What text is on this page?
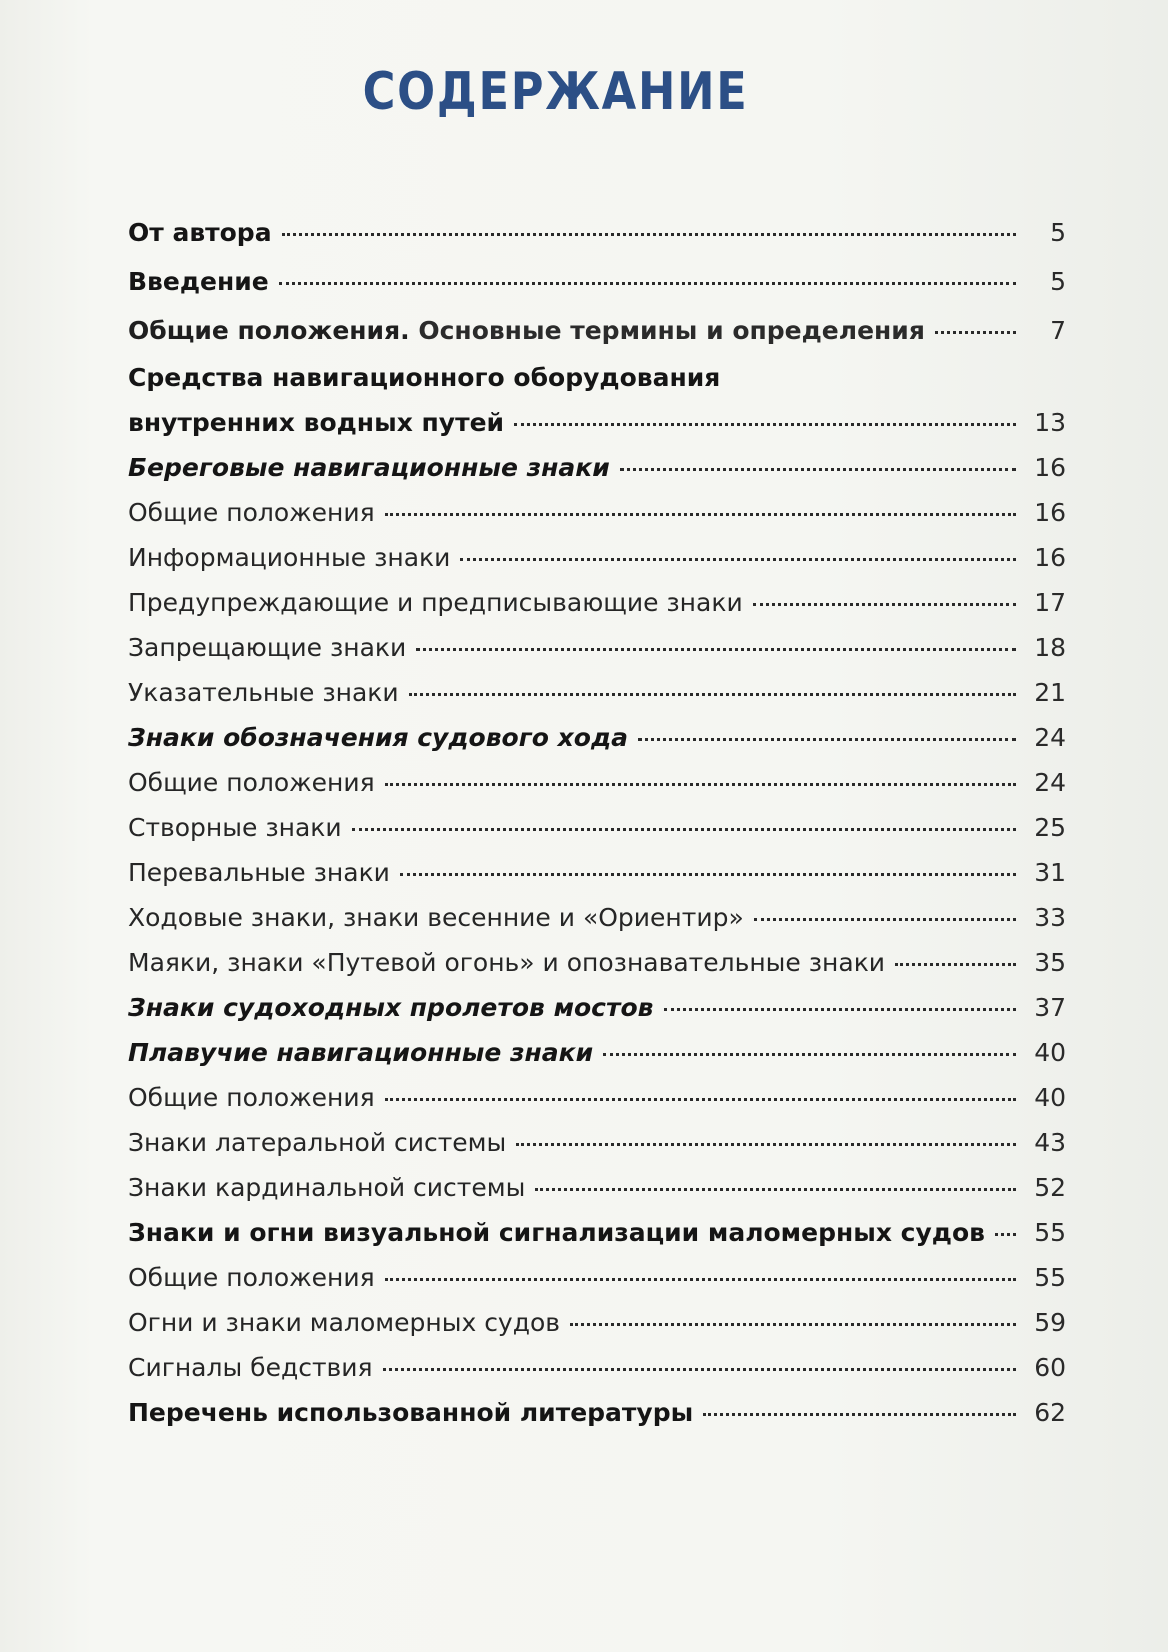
СОДЕРЖАНИЕ
От автора	5
Введение	5
Общие положения. Основные термины и определения	7
Средства навигационного оборудования
внутренних водных путей	13
Береговые навигационные знаки	16
Общие положения	16
Информационные знаки	16
Предупреждающие и предписывающие знаки	17
Запрещающие знаки	18
Указательные знаки	21
Знаки обозначения судового хода	24
Общие положения	24
Створные знаки	25
Перевальные знаки	31
Ходовые знаки, знаки весенние и «Ориентир»	33
Маяки, знаки «Путевой огонь» и опознавательные знаки	35
Знаки судоходных пролетов мостов	37
Плавучие навигационные знаки	40
Общие положения	40
Знаки латеральной системы	43
Знаки кардинальной системы	52
Знаки и огни визуальной сигнализации маломерных судов	55
Общие положения	55
Огни и знаки маломерных судов	59
Сигналы бедствия	60
Перечень использованной литературы	62
